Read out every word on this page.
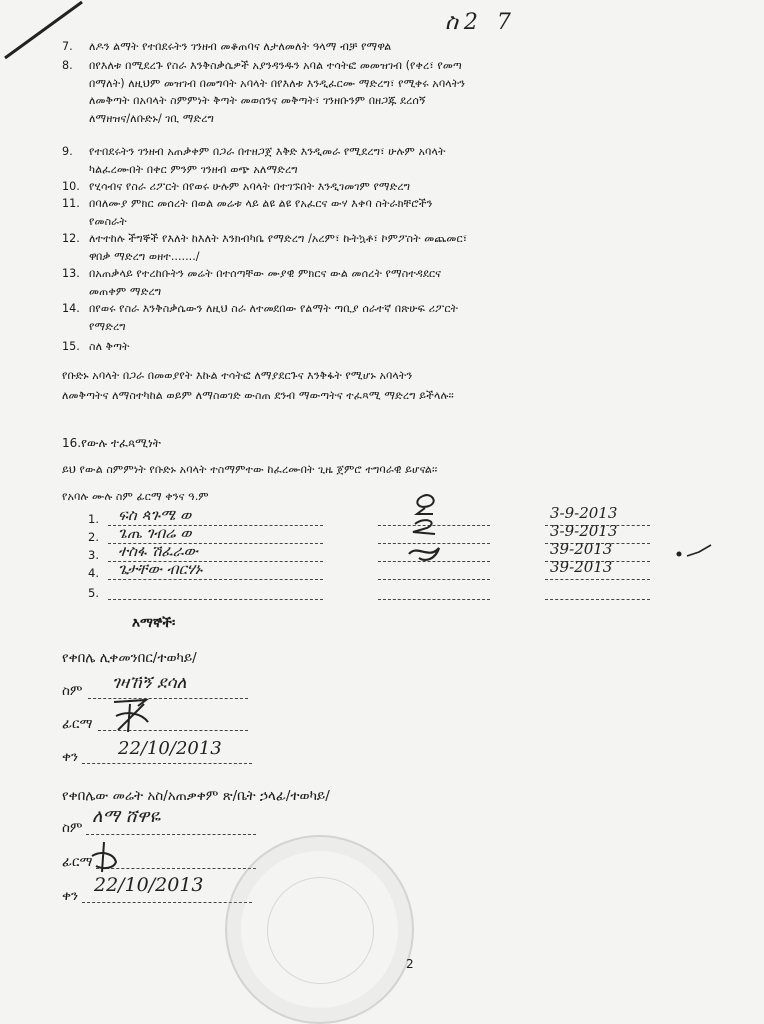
ስ2 7
7. ለዶን ልማት የተበደሩትን ገንዘብ መቆጠባና ለታለመለት ዓላማ ብቻ የማዋል
8. በየእለቱ በሚደረጉ የስራ እንቅስቃሴዎች አያንዳንዱን አባል ተሳትፎ መመዝገብ (የቀረ፣ የመጣ
በማለት) ለዚህም መዝገብ በመግባት አባላት በየእለቱ እንዲፈርሙ ማድረግ፣ የሚቀሩ አባላትን
ለመቅጣት በአባላት ስምምነት ቅጣት መወሰንና መቅጣት፣ ገንዘቡንም በዘጋጁ ደረሰኝ
ለማዘዝና/ለቡድኑ/ ገቢ ማድረግ
9. የተበደሩትን ገንዘብ አጠቃቀም በጋራ በተዘጋጀ እቅድ እንዲመራ የሚደረግ፣ ሁሉም አባላት
ካልፈረሙበት በቀር ምንም ገንዘብ ወጭ አለማድረግ
10. የሂሳብና የስራ ሪፖርት በየወሩ ሁሉም አባላት በተገኙበት እንዲገመገም የማድረግ
11. በባለሙያ ምክር መሰረት በወል መሬቱ ላይ ልዩ ልዩ የአፈርና ውሃ እቀባ ስትራክቸሮችን
የመስራት
12. ለተተከሉ ችግኞች የእለት ከእለት እንክብካቤ የማድረግ /አረም፣ ኩትኳቶ፣ ኮምፖስት መጨመር፣
ዋበቃ ማድረግ ወዘተ......./
13. በአጠቃላይ የተረከቡትን መሬት በተሰጣቸው ሙያዊ ምክርና ውል መሰረት የማስተዳደርና
መጠቀም ማድረግ
14. በየወሩ የስራ እንቅስቃሴውን ለዚህ ስራ ለተመደበው የልማት ጣቢያ ሰራተኛ በጽሁፍ ሪፖርት
የማድረግ
15. ስለ ቅጣት
የቡድኑ አባላት በጋራ በመወያየት እኩል ተሳትፎ ለማያደርጉና እንቅፋት የሚሆኑ አባላትን
ለመቅጣትና ለማስተካከል ወይም ለማስወገድ ውስጠ ደንብ ማውጣትና ተፈጻሚ ማድረግ ይችላሉ፡፡
16.የውሉ ተፈጻሚነት
ይህ የውል ስምምነት የቡድኑ አባላት ተስማምተው ከፈረሙበት ጊዜ ጀምሮ ተግባራዊ ይሆናል፡፡
የአባሉ ሙሉ ስም ፊርማ ቀንና ዓ.ም
1. ፍስ ጳጉሜ ወ	3-9-2013
2. ጌጤ ገብሬ ወ	3-9-2013
3. ተስፋ ሽፈራው	39-2013
4. ጌታቸው ብርሃኑ	39-2013
5.
እማኞች፡
የቀበሌ ሊቀመንበር/ተወካይ/
ስም ገዛኸኝ ደሳለ
ፊርማ
ቀን 22/10/2013
የቀበሌው መሬት አስ/አጠቃቀም ጽ/ቤት ኃላፊ/ተወካይ/
ስም
ለማ ሸዋዬ
ፊርማ
ቀን 22/10/2013
2
